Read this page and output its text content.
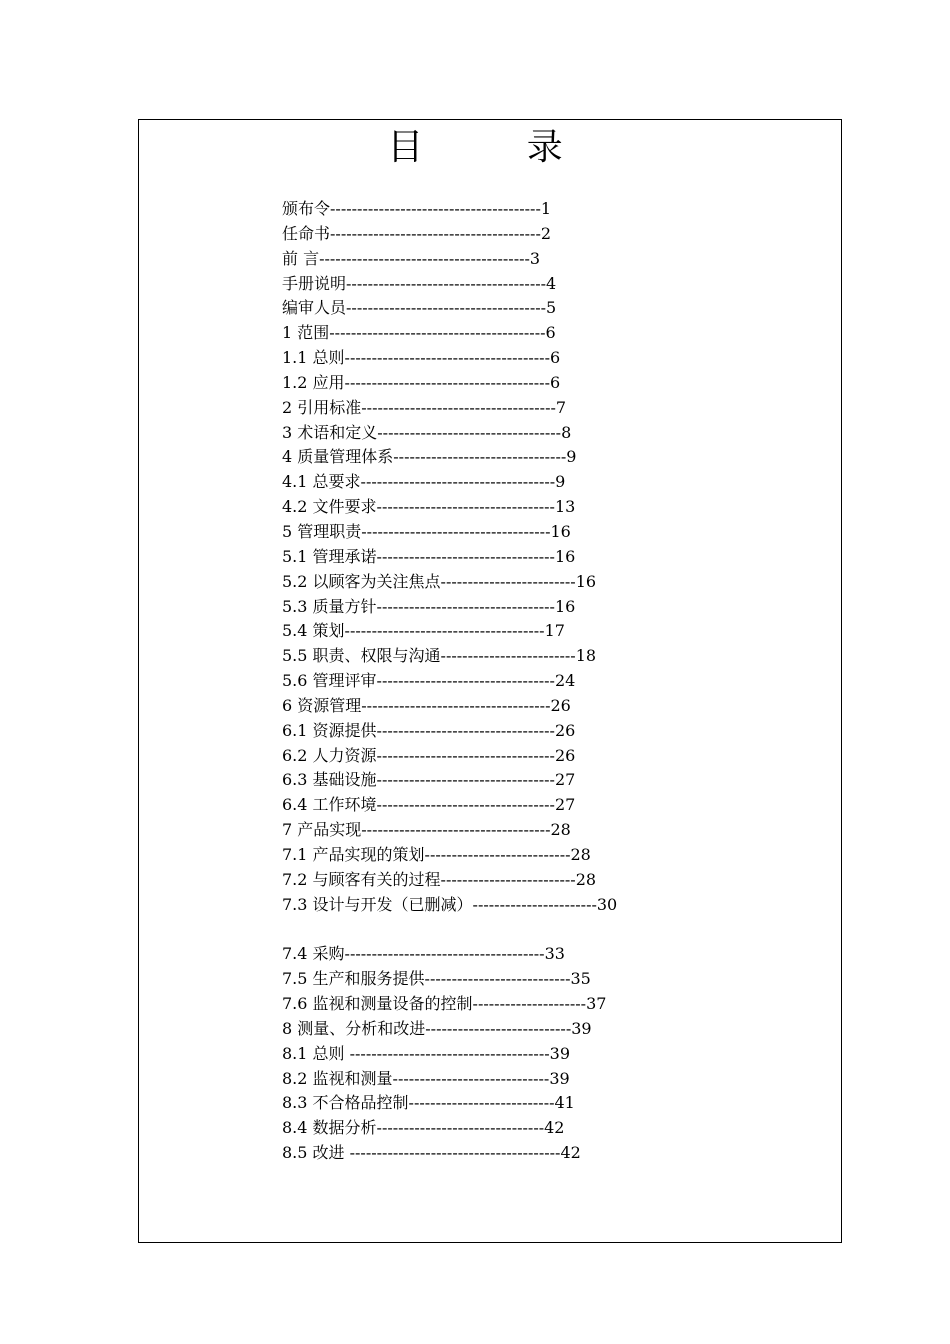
目 录
颁布令---------------------------------------1
任命书---------------------------------------2
前 言---------------------------------------3
手册说明-------------------------------------4
编审人员-------------------------------------5
1 范围----------------------------------------6
1.1 总则--------------------------------------6
1.2 应用--------------------------------------6
2 引用标准------------------------------------7
3 术语和定义----------------------------------8
4 质量管理体系--------------------------------9
4.1 总要求------------------------------------9
4.2 文件要求---------------------------------13
5 管理职责-----------------------------------16
5.1 管理承诺---------------------------------16
5.2 以顾客为关注焦点-------------------------16
5.3 质量方针---------------------------------16
5.4 策划-------------------------------------17
5.5 职责、权限与沟通-------------------------18
5.6 管理评审---------------------------------24
6 资源管理-----------------------------------26
6.1 资源提供---------------------------------26
6.2 人力资源---------------------------------26
6.3 基础设施---------------------------------27
6.4 工作环境---------------------------------27
7 产品实现-----------------------------------28
7.1 产品实现的策划---------------------------28
7.2 与顾客有关的过程-------------------------28
7.3 设计与开发（已删减）-----------------------30
7.4 采购-------------------------------------33
7.5 生产和服务提供---------------------------35
7.6 监视和测量设备的控制---------------------37
8 测量、分析和改进---------------------------39
8.1 总则 -------------------------------------39
8.2 监视和测量-----------------------------39
8.3 不合格品控制---------------------------41
8.4 数据分析-------------------------------42
8.5 改进 ---------------------------------------42
